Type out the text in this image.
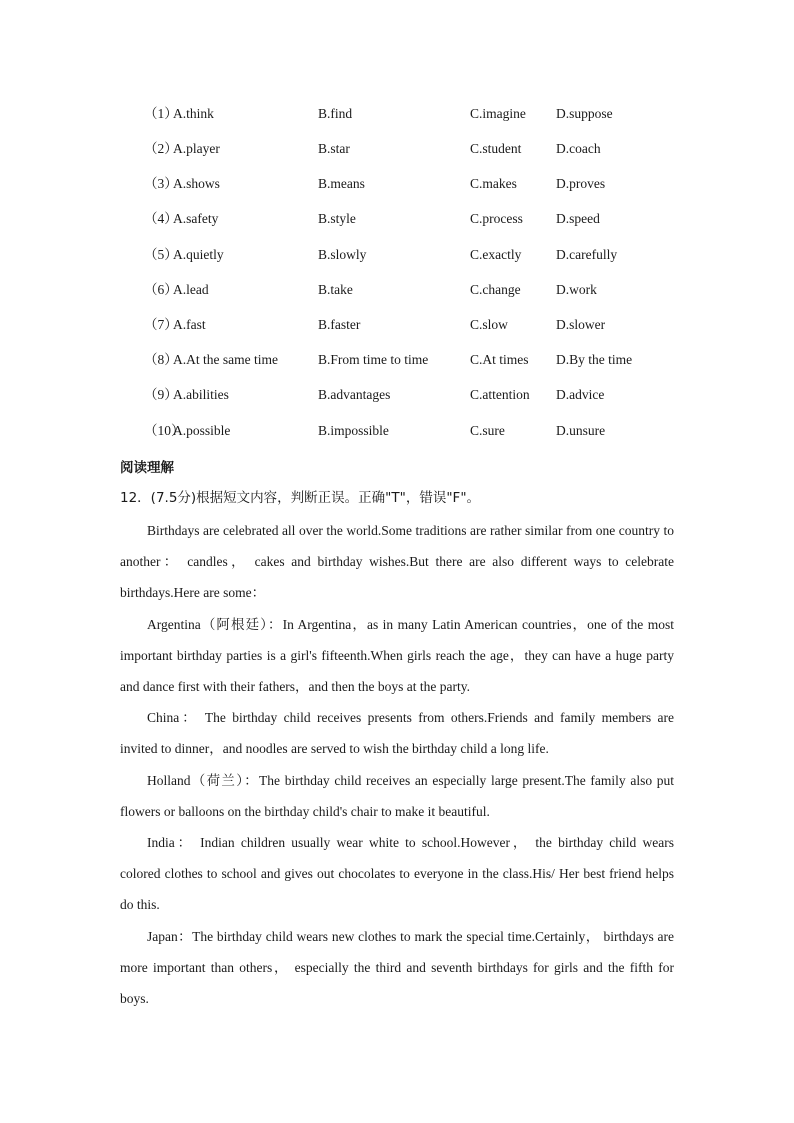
（1）
A.think	B.find	C.imagine D.suppose
（2）
A.player	B.star	C.student	D.coach
（3）
A.shows	B.means	C.makes	D.proves
（4）
A.safety	B.style	C.process D.speed
（5）
A.quietly	B.slowly	C.exactly	D.carefully
（6）
A.lead	B.take	C.change	D.work
（7）
A.fast	B.faster	C.slow	D.slower
（8）
A.At the same time	B.From time to time	C.At times D.By the time
（9）
A.abilities	B.advantages	C.attention D.advice
（10）
A.possible	B.impossible	C.sure	D.unsure
阅读理解
12．(7.5分)根据短文内容，判断正误。正确"T"，错误"F"。

Birthdays are celebrated all over the world.Some traditions are rather similar from one country to another： candles， cakes and birthday wishes.But there are also different ways to celebrate birthdays.Here are some：

Argentina（阿根廷）：In Argentina，as in many Latin American countries，one of the most important birthday parties is a girl's fifteenth.When girls reach the age，they can have a huge party and dance first with their fathers，and then the boys at the party.

China： The birthday child receives presents from others.Friends and family members are invited to dinner，and noodles are served to wish the birthday child a long life.

Holland（荷兰）：The birthday child receives an especially large present.The family also put flowers or balloons on the birthday child's chair to make it beautiful.

India： Indian children usually wear white to school.However， the birthday child wears colored clothes to school and gives out chocolates to everyone in the class.His/ Her best friend helps do this.

Japan：The birthday child wears new clothes to mark the special time.Certainly， birthdays are more important than others， especially the third and seventh birthdays for girls and the fifth for boys.
